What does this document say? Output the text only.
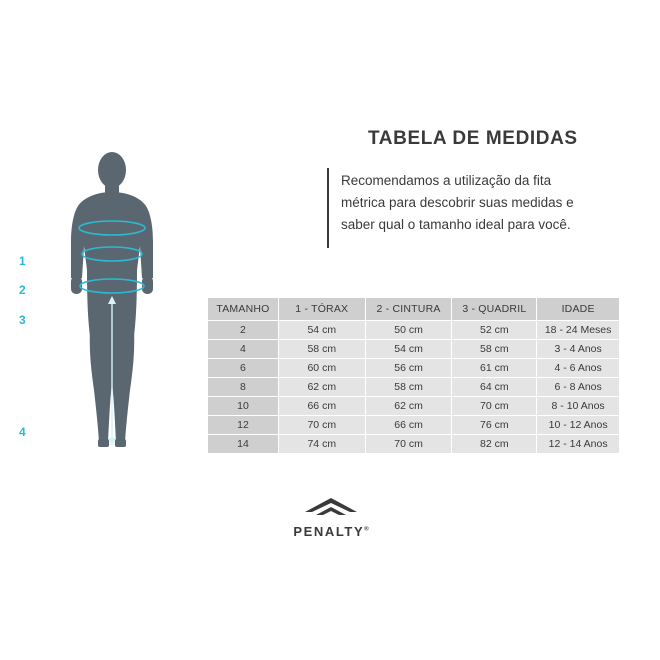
1
2
3
4
TABELA DE MEDIDAS
Recomendamos a utilização da fita métrica para descobrir suas medidas e saber qual o tamanho ideal para você.
TAMANHO	1 - TÓRAX	2 - CINTURA	3 - QUADRIL	IDADE
2	54 cm	50 cm	52 cm	18 - 24 Meses
4	58 cm	54 cm	58 cm	3 - 4 Anos
6	60 cm	56 cm	61 cm	4 - 6 Anos
8	62 cm	58 cm	64 cm	6 - 8 Anos
10	66 cm	62 cm	70 cm	8 - 10 Anos
12	70 cm	66 cm	76 cm	10 - 12 Anos
14	74 cm	70 cm	82 cm	12 - 14 Anos
PENALTY®
